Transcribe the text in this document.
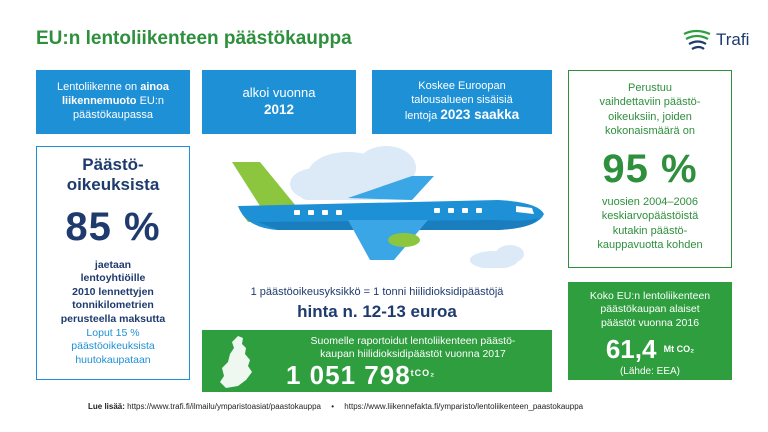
EU:n lentoliikenteen päästökauppa	Trafi
Lentoliikenne on ainoa liikennemuoto EU:n päästökaupassa
alkoi vuonna
2012
Koskee Euroopan
talousalueen sisäisiä
lentoja 2023 saakka
Päästö-
oikeuksista
85 %
jaetaan
lentoyhtiöille
2010 lennettyjen
tonnikilometrien
perusteella maksutta
Loput 15 %
päästöoikeuksista
huutokaupataan
Perustuu
vaihdettaviin päästö-
oikeuksiin, joiden
kokonaismäärä on
95 %
vuosien 2004–2006
keskiarvopäästöistä
kutakin päästö-
kauppavuotta kohden
Koko EU:n lentoliikenteen
päästökaupan alaiset
päästöt vuonna 2016
61,4 $^{Mt CO_2}$
(Lähde: EEA)
1 päästöoikeusyksikkö = 1 tonni hiilidioksidipäästöjä
hinta n. 12-13 euroa
Suomelle raportoidut lentoliikenteen päästö-
kaupan hiilidioksidipäästöt vuonna 2017
1 051 $798^{tCO_2}$
Lue lisää: https://www.trafi.fi/ilmailu/ymparistoasiat/paastokauppa • https://www.liikennefakta.fi/ymparisto/lentoliikenteen_paastokauppa
